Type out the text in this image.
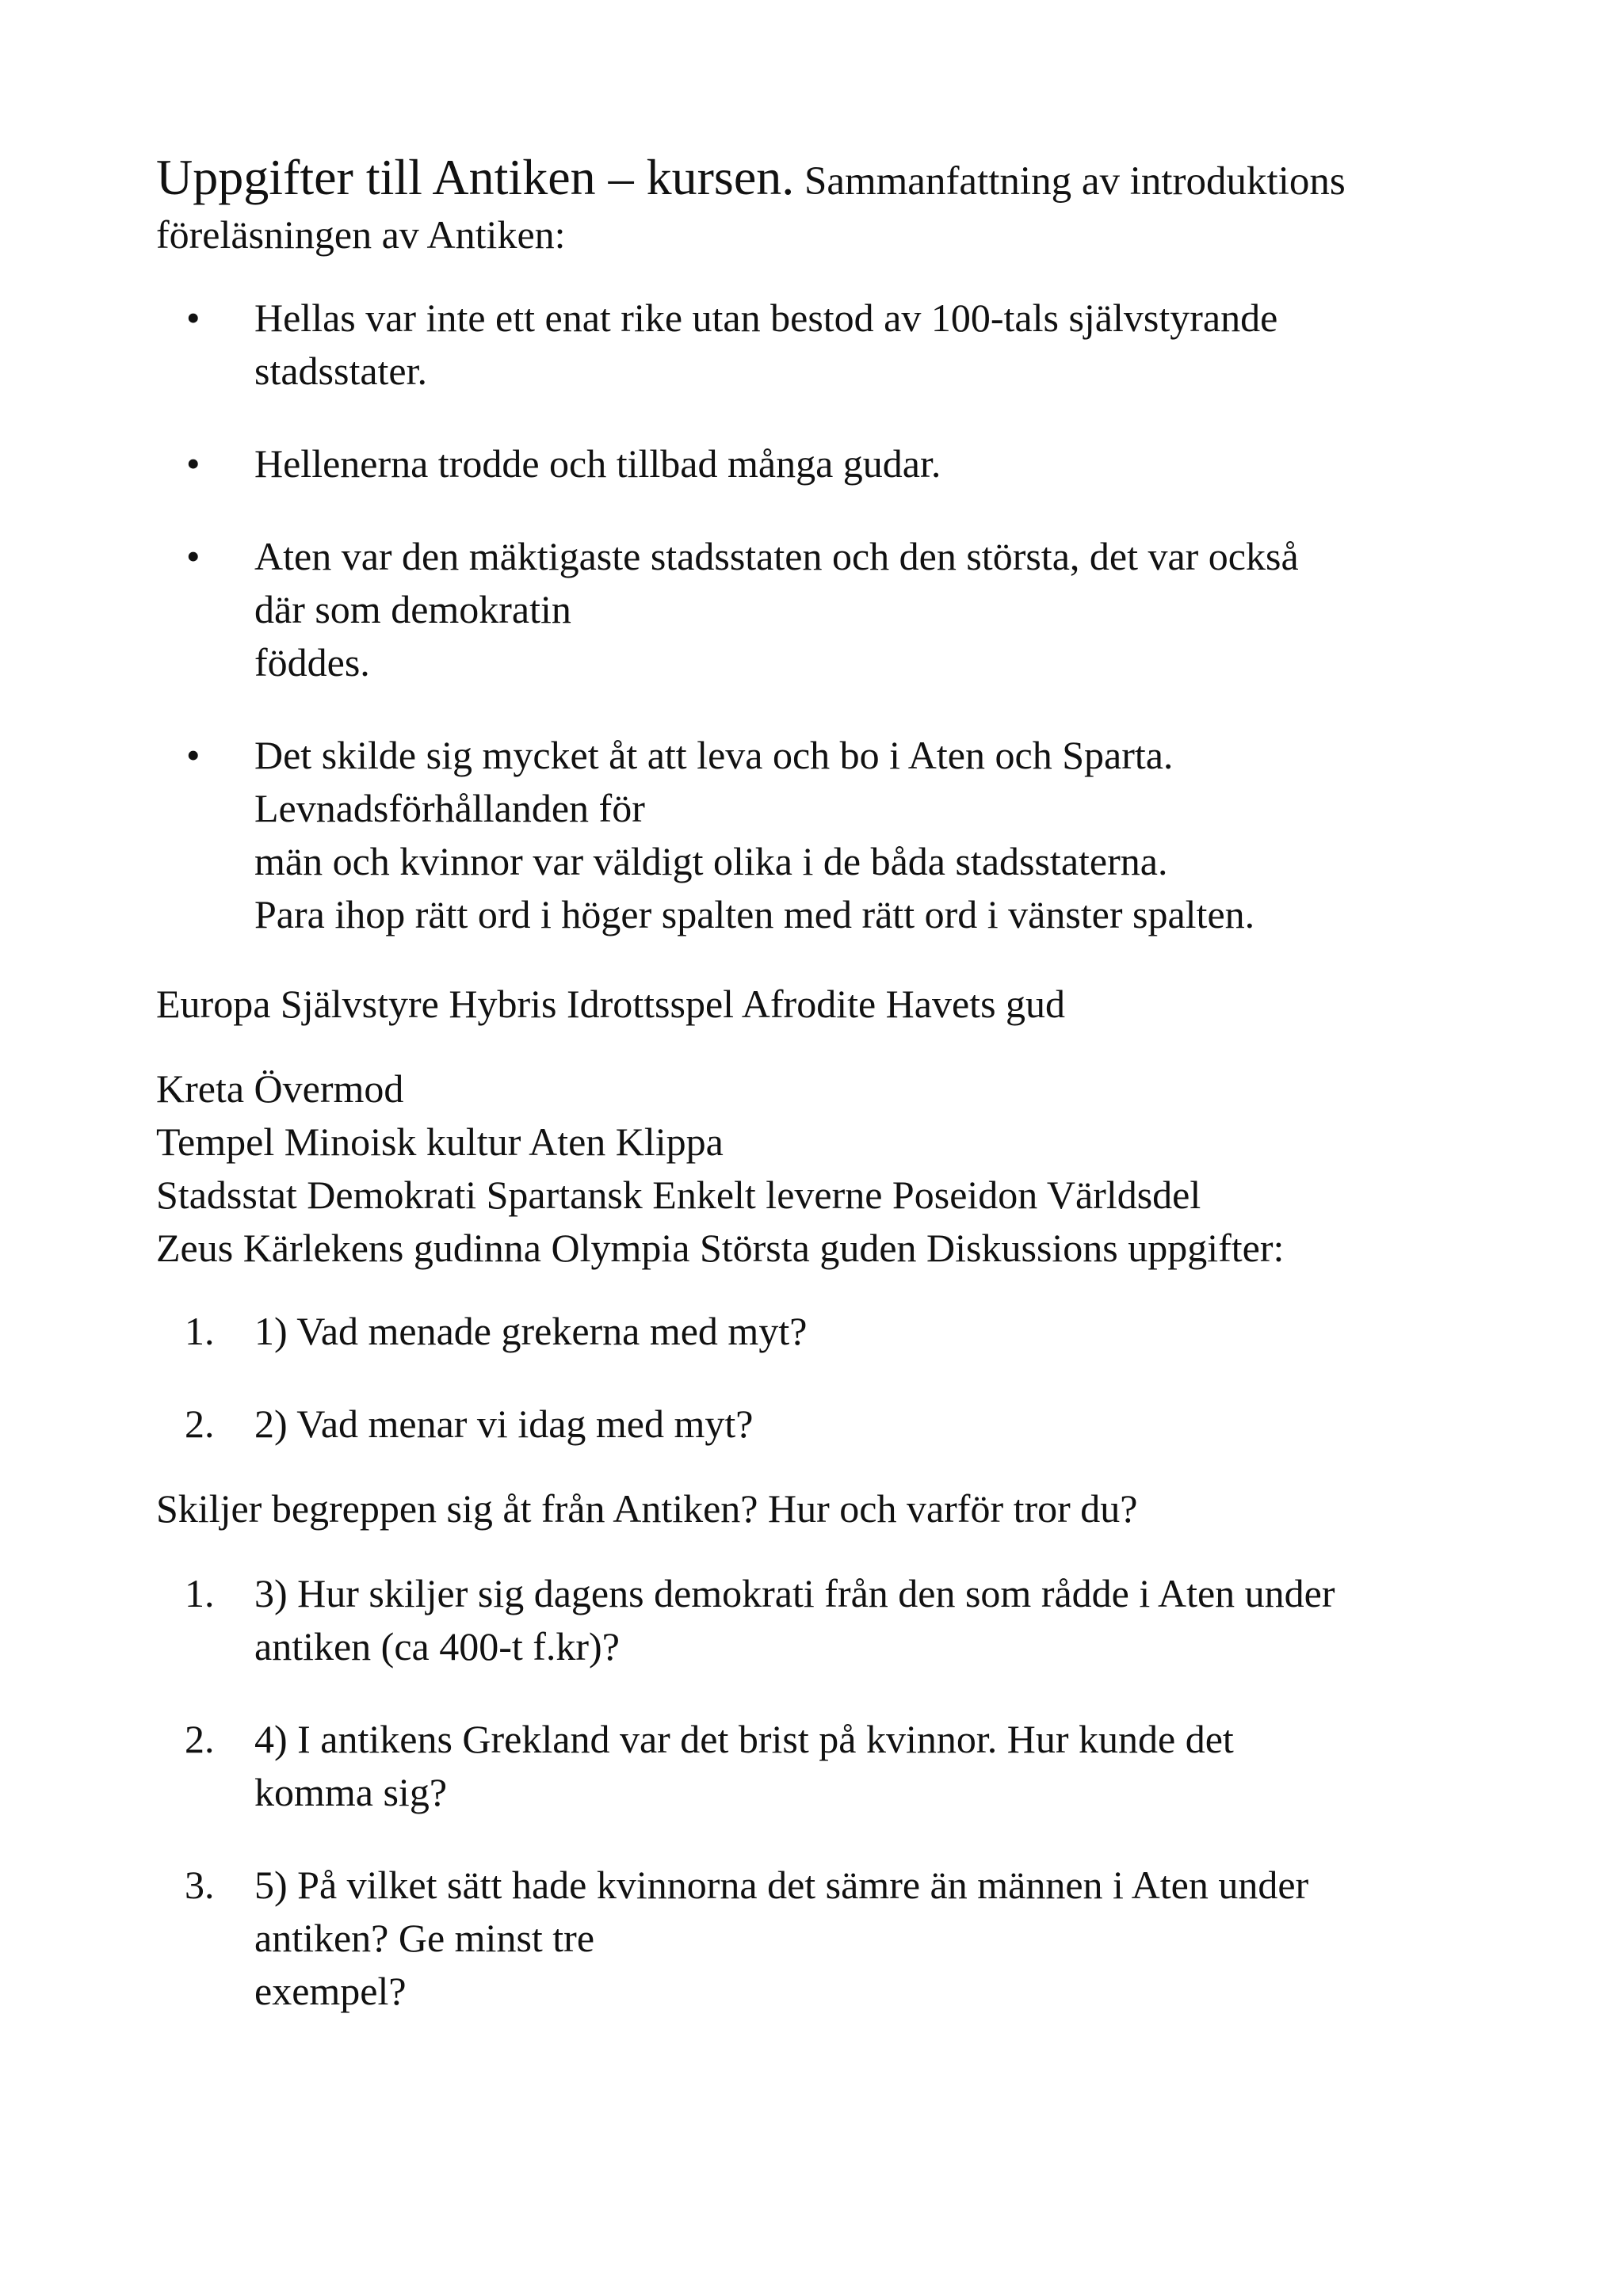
Uppgifter till Antiken – kursen. Sammanfattning av introduktions
föreläsningen av Antiken:

•	Hellas var inte ett enat rike utan bestod av 100-tals självstyrande
stadsstater.
•	Hellenerna trodde och tillbad många gudar.
•	Aten var den mäktigaste stadsstaten och den största, det var också
där som demokratin
föddes.
•	Det skilde sig mycket åt att leva och bo i Aten och Sparta.
Levnadsförhållanden för
män och kvinnor var väldigt olika i de båda stadsstaterna.
Para ihop rätt ord i höger spalten med rätt ord i vänster spalten.

Europa Självstyre Hybris Idrottsspel Afrodite Havets gud

Kreta Övermod
Tempel Minoisk kultur Aten Klippa
Stadsstat Demokrati Spartansk Enkelt leverne Poseidon Världsdel
Zeus Kärlekens gudinna Olympia Största guden Diskussions uppgifter:

1.	1) Vad menade grekerna med myt?
2.	2) Vad menar vi idag med myt?

Skiljer begreppen sig åt från Antiken? Hur och varför tror du?

1.	3) Hur skiljer sig dagens demokrati från den som rådde i Aten under
antiken (ca 400-t f.kr)?
2.	4) I antikens Grekland var det brist på kvinnor. Hur kunde det
komma sig?
3.	5) På vilket sätt hade kvinnorna det sämre än männen i Aten under
antiken? Ge minst tre
exempel?
